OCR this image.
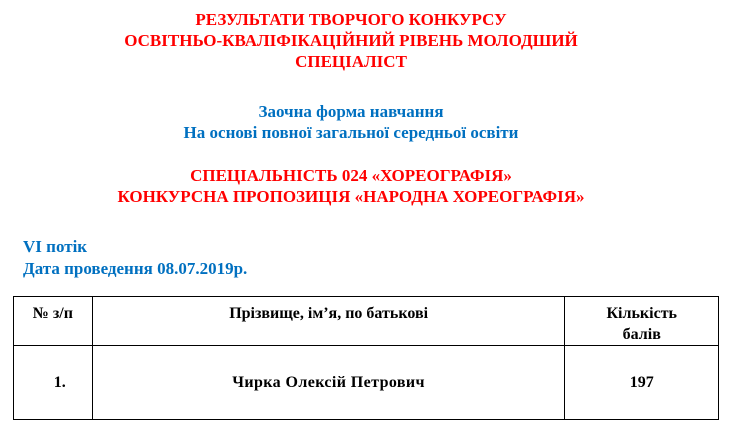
РЕЗУЛЬТАТИ ТВОРЧОГО КОНКУРСУ
ОСВІТНЬО-КВАЛІФІКАЦІЙНИЙ РІВЕНЬ МОЛОДШИЙ
СПЕЦІАЛІСТ
Заочна форма навчання
На основі повної загальної середньої освіти
СПЕЦІАЛЬНІСТЬ 024 «ХОРЕОГРАФІЯ»
КОНКУРСНА ПРОПОЗИЦІЯ «НАРОДНА ХОРЕОГРАФІЯ»
VI потік
Дата проведення 08.07.2019р.
№ з/п	Прізвище, ім’я, по батькові	Кількість
балів

1.	Чирка Олексій Петрович	197
